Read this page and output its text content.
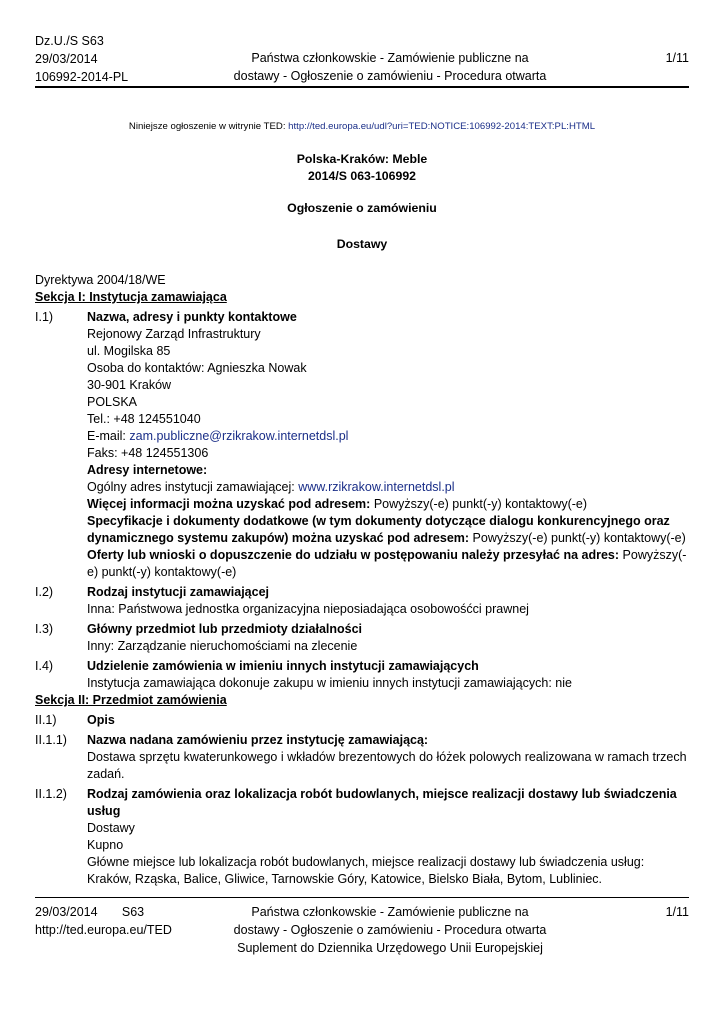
Dz.U./S S63
29/03/2014
106992-2014-PL
Państwa członkowskie - Zamówienie publiczne na
dostawy - Ogłoszenie o zamówieniu - Procedura otwarta
1/11
Niniejsze ogłoszenie w witrynie TED: http://ted.europa.eu/udl?uri=TED:NOTICE:106992-2014:TEXT:PL:HTML
Polska-Kraków: Meble
2014/S 063-106992
Ogłoszenie o zamówieniu
Dostawy
Dyrektywa 2004/18/WE
Sekcja I: Instytucja zamawiająca
I.1)	Nazwa, adresy i punkty kontaktowe
Rejonowy Zarząd Infrastruktury
ul. Mogilska 85
Osoba do kontaktów: Agnieszka Nowak
30-901 Kraków
POLSKA
Tel.: +48 124551040
E-mail: zam.publiczne@rzikrakow.internetdsl.pl
Faks: +48 124551306
Adresy internetowe:
Ogólny adres instytucji zamawiającej: www.rzikrakow.internetdsl.pl
Więcej informacji można uzyskać pod adresem: Powyższy(-e) punkt(-y) kontaktowy(-e)
Specyfikacje i dokumenty dodatkowe (w tym dokumenty dotyczące dialogu konkurencyjnego oraz dynamicznego systemu zakupów) można uzyskać pod adresem: Powyższy(-e) punkt(-y) kontaktowy(-e)
Oferty lub wnioski o dopuszczenie do udziału w postępowaniu należy przesyłać na adres: Powyższy(-e) punkt(-y) kontaktowy(-e)
I.2)	Rodzaj instytucji zamawiającej
Inna: Państwowa jednostka organizacyjna nieposiadająca osobowośćci prawnej
I.3)	Główny przedmiot lub przedmioty działalności
Inny: Zarządzanie nieruchomościami na zlecenie
I.4)	Udzielenie zamówienia w imieniu innych instytucji zamawiających
Instytucja zamawiająca dokonuje zakupu w imieniu innych instytucji zamawiających: nie
Sekcja II: Przedmiot zamówienia
II.1)	Opis
II.1.1)	Nazwa nadana zamówieniu przez instytucję zamawiającą:
Dostawa sprzętu kwaterunkowego i wkładów brezentowych do łóżek polowych realizowana w ramach trzech zadań.
II.1.2)	Rodzaj zamówienia oraz lokalizacja robót budowlanych, miejsce realizacji dostawy lub świadczenia usług
Dostawy
Kupno
Główne miejsce lub lokalizacja robót budowlanych, miejsce realizacji dostawy lub świadczenia usług: Kraków, Rząska, Balice, Gliwice, Tarnowskie Góry, Katowice, Bielsko Biała, Bytom, Lubliniec.
29/03/2014 S63
http://ted.europa.eu/TED
Państwa członkowskie - Zamówienie publiczne na
dostawy - Ogłoszenie o zamówieniu - Procedura otwarta
Suplement do Dziennika Urzędowego Unii Europejskiej
1/11
